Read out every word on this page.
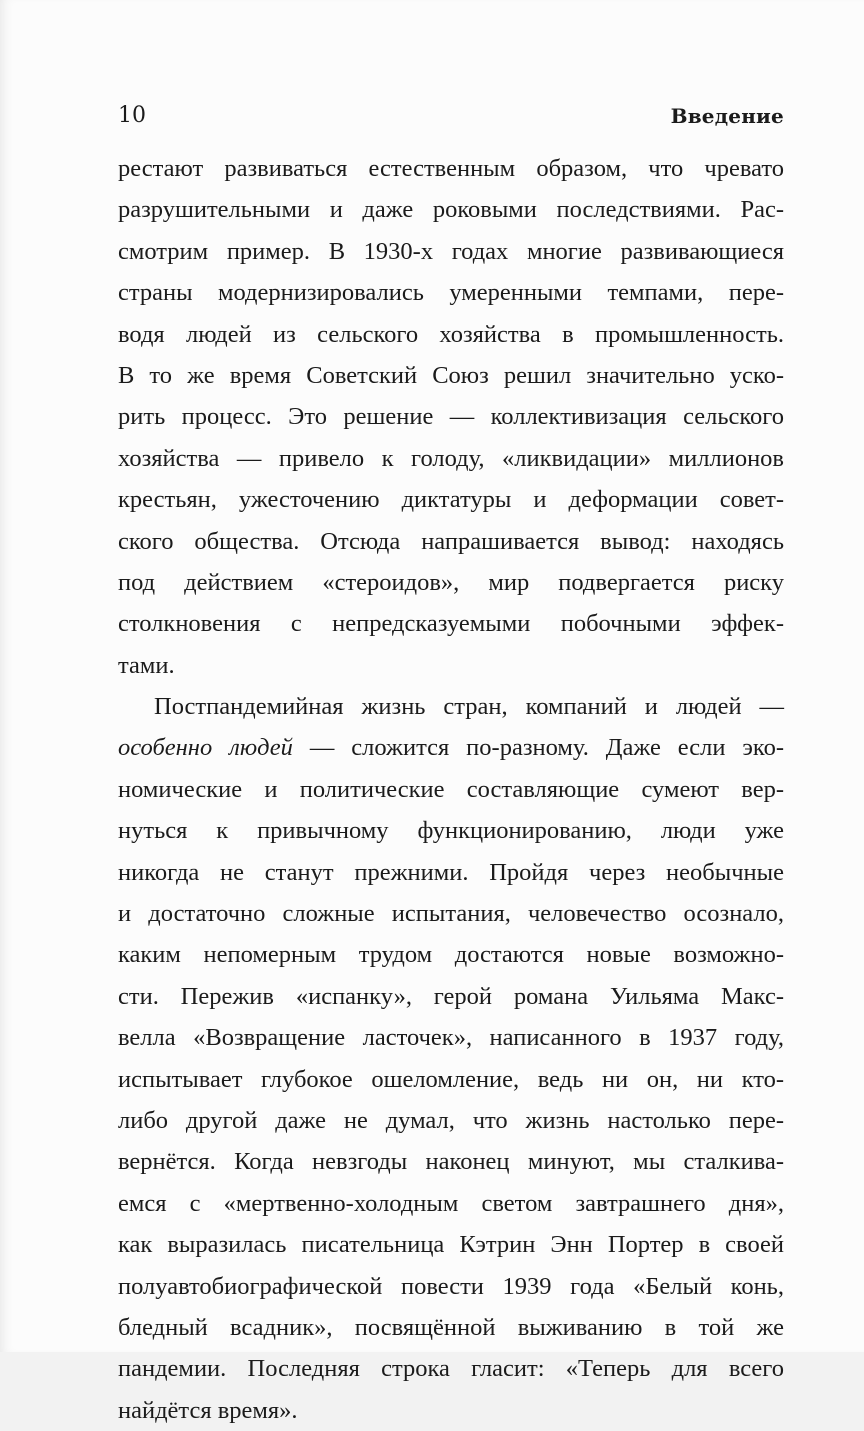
10	Введение
рестают развиваться естественным образом, что чревато
разрушительными и даже роковыми последствиями. Рас-
смотрим пример. В 1930-х годах многие развивающиеся
страны модернизировались умеренными темпами, пере-
водя людей из сельского хозяйства в промышленность.
В то же время Советский Союз решил значительно уско-
рить процесс. Это решение — коллективизация сельского
хозяйства — привело к голоду, «ликвидации» миллионов
крестьян, ужесточению диктатуры и деформации совет-
ского общества. Отсюда напрашивается вывод: находясь
под действием «стероидов», мир подвергается риску
столкновения с непредсказуемыми побочными эффек-
тами.
Постпандемийная жизнь стран, компаний и людей —
особенно людей — сложится по-разному. Даже если эко-
номические и политические составляющие сумеют вер-
нуться к привычному функционированию, люди уже
никогда не станут прежними. Пройдя через необычные
и достаточно сложные испытания, человечество осознало,
каким непомерным трудом достаются новые возможно-
сти. Пережив «испанку», герой романа Уильяма Макс-
велла «Возвращение ласточек», написанного в 1937 году,
испытывает глубокое ошеломление, ведь ни он, ни кто-
либо другой даже не думал, что жизнь настолько пере-
вернётся. Когда невзгоды наконец минуют, мы сталкива-
емся с «мертвенно-холодным светом завтрашнего дня»,
как выразилась писательница Кэтрин Энн Портер в своей
полуавтобиографической повести 1939 года «Белый конь,
бледный всадник», посвящённой выживанию в той же
пандемии. Последняя строка гласит: «Теперь для всего
найдётся время».
